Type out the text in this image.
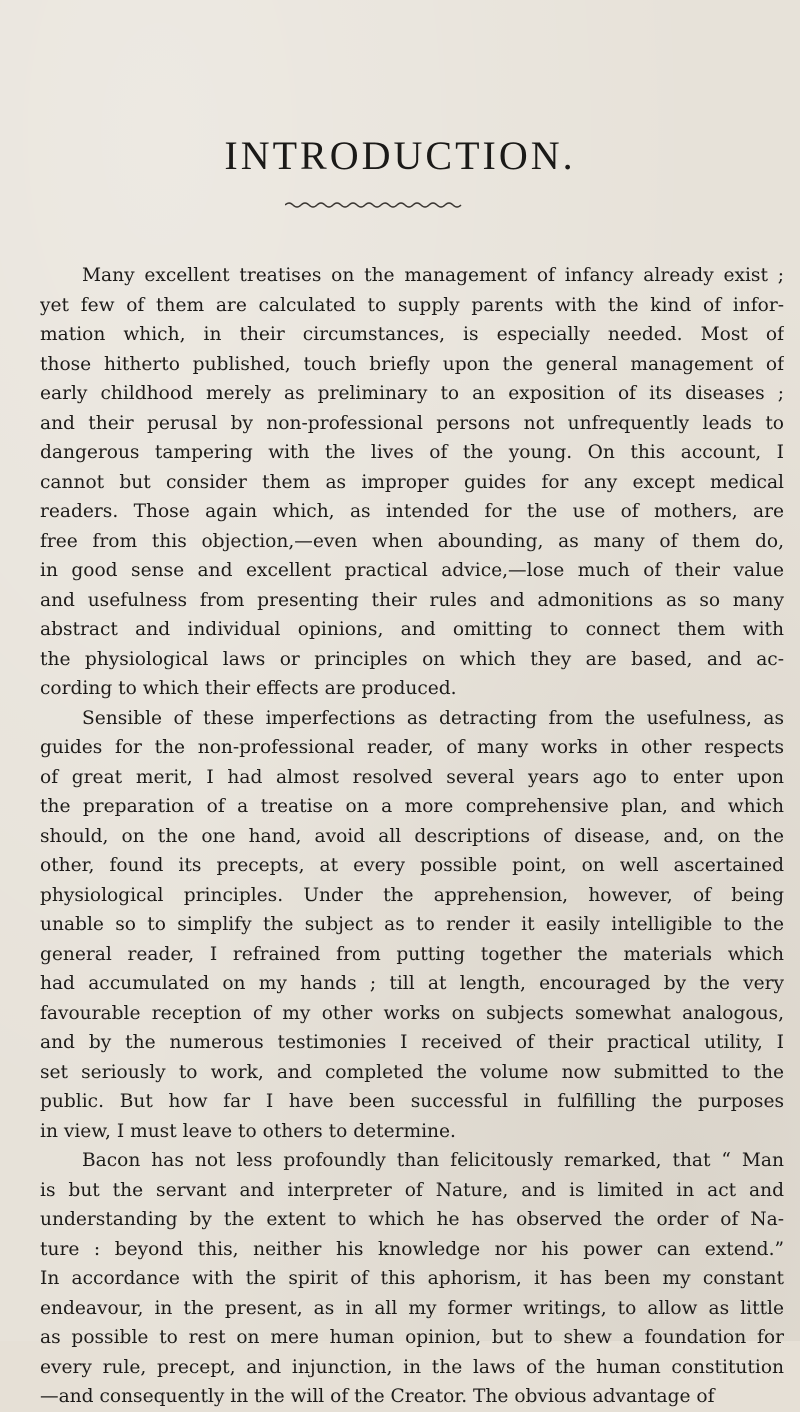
INTRODUCTION.
Many excellent treatises on the management of infancy already exist ;
yet few of them are calculated to supply parents with the kind of infor-
mation which, in their circumstances, is especially needed. Most of
those hitherto published, touch briefly upon the general management of
early childhood merely as preliminary to an exposition of its diseases ;
and their perusal by non-professional persons not unfrequently leads to
dangerous tampering with the lives of the young. On this account, I
cannot but consider them as improper guides for any except medical
readers. Those again which, as intended for the use of mothers, are
free from this objection,—even when abounding, as many of them do,
in good sense and excellent practical advice,—lose much of their value
and usefulness from presenting their rules and admonitions as so many
abstract and individual opinions, and omitting to connect them with
the physiological laws or principles on which they are based, and ac-
cording to which their effects are produced.
Sensible of these imperfections as detracting from the usefulness, as
guides for the non-professional reader, of many works in other respects
of great merit, I had almost resolved several years ago to enter upon
the preparation of a treatise on a more comprehensive plan, and which
should, on the one hand, avoid all descriptions of disease, and, on the
other, found its precepts, at every possible point, on well ascertained
physiological principles. Under the apprehension, however, of being
unable so to simplify the subject as to render it easily intelligible to the
general reader, I refrained from putting together the materials which
had accumulated on my hands ; till at length, encouraged by the very
favourable reception of my other works on subjects somewhat analogous,
and by the numerous testimonies I received of their practical utility, I
set seriously to work, and completed the volume now submitted to the
public. But how far I have been successful in fulfilling the purposes
in view, I must leave to others to determine.
Bacon has not less profoundly than felicitously remarked, that “ Man
is but the servant and interpreter of Nature, and is limited in act and
understanding by the extent to which he has observed the order of Na-
ture : beyond this, neither his knowledge nor his power can extend.”
In accordance with the spirit of this aphorism, it has been my constant
endeavour, in the present, as in all my former writings, to allow as little
as possible to rest on mere human opinion, but to shew a foundation for
every rule, precept, and injunction, in the laws of the human constitution
—and consequently in the will of the Creator. The obvious advantage of
